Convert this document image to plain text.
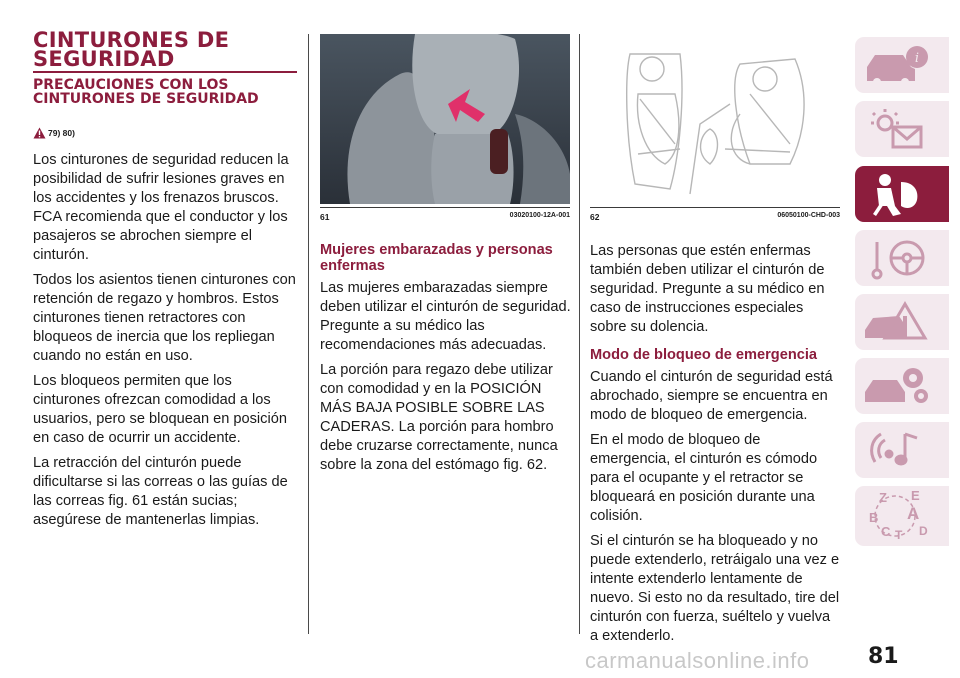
CINTURONES DE SEGURIDAD
PRECAUCIONES CON LOS CINTURONES DE SEGURIDAD
79) 80)

Los cinturones de seguridad reducen la posibilidad de sufrir lesiones graves en los accidentes y los frenazos bruscos. FCA recomienda que el conductor y los pasajeros se abrochen siempre el cinturón.

Todos los asientos tienen cinturones con retención de regazo y hombros. Estos cinturones tienen retractores con bloqueos de inercia que los repliegan cuando no están en uso.

Los bloqueos permiten que los cinturones ofrezcan comodidad a los usuarios, pero se bloquean en posición en caso de ocurrir un accidente.

La retracción del cinturón puede dificultarse si las correas o las guías de las correas fig. 61 están sucias; asegúrese de mantenerlas limpias.

61	03020100-12A-001 62	06050100-CHD-003
Mujeres embarazadas y personas enfermas

Las mujeres embarazadas siempre deben utilizar el cinturón de seguridad. Pregunte a su médico las recomendaciones más adecuadas.

La porción para regazo debe utilizar con comodidad y en la POSICIÓN MÁS BAJA POSIBLE SOBRE LAS CADERAS. La porción para hombro debe cruzarse correctamente, nunca sobre la zona del estómago fig. 62.

Las personas que estén enfermas también deben utilizar el cinturón de seguridad. Pregunte a su médico en caso de instrucciones especiales sobre su dolencia.

Modo de bloqueo de emergencia

Cuando el cinturón de seguridad está abrochado, siempre se encuentra en modo de bloqueo de emergencia.

En el modo de bloqueo de emergencia, el cinturón es cómodo para el ocupante y el retractor se bloqueará en posición durante una colisión.

Si el cinturón se ha bloqueado y no puede extenderlo, retráigalo una vez e intente extenderlo lentamente de nuevo. Si esto no da resultado, tire del cinturón con fuerza, suéltelo y vuelva a extenderlo.

i
Z E
B A
C T D
carmanualsonline.info	81
